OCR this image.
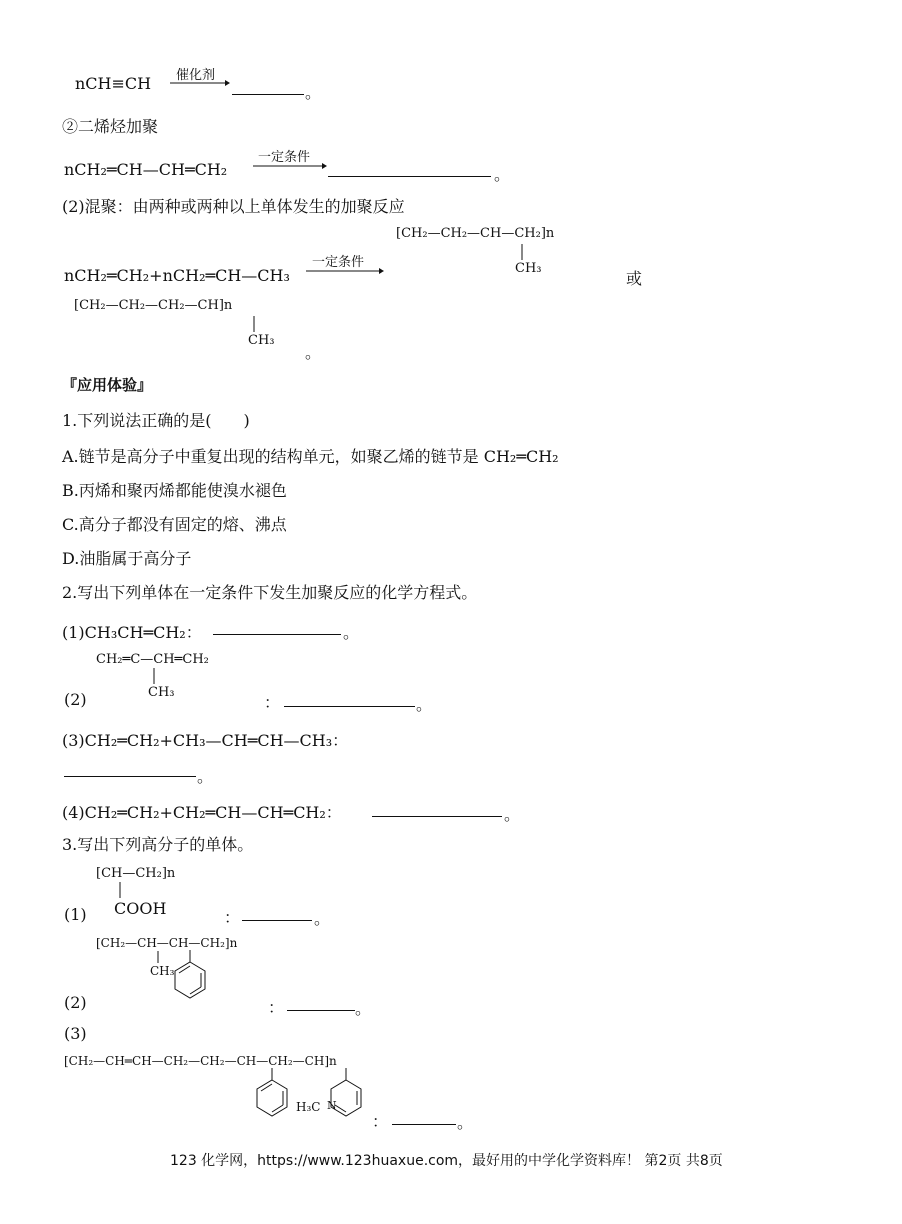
nCH≡CH 催化剂
。
②二烯烃加聚
nCH₂═CH—CH═CH₂
一定条件
。
(2)混聚：由两种或两种以上单体发生的加聚反应
[CH₂—CH₂—CH—CH₂]n
CH₃
nCH₂═CH₂+nCH₂═CH—CH₃
一定条件
或
[CH₂—CH₂—CH₂—CH]n
CH₃
。
『应用体验』
1.下列说法正确的是(　　)
A.链节是高分子中重复出现的结构单元，如聚乙烯的链节是 CH₂═CH₂
B.丙烯和聚丙烯都能使溴水褪色
C.高分子都没有固定的熔、沸点
D.油脂属于高分子
2.写出下列单体在一定条件下发生加聚反应的化学方程式。
(1)CH₃CH═CH₂：	。
CH₂═C—CH═CH₂
CH₃
(2)	：	。
(3)CH₂═CH₂+CH₃—CH═CH—CH₃：
。
(4)CH₂═CH₂+CH₂═CH—CH═CH₂：	。
3.写出下列高分子的单体。
[CH—CH₂]n
COOH
(1)	：	。
[CH₂—CH—CH—CH₂]n
CH₃
(2)	：	。
(3)
[CH₂—CH═CH—CH₂—CH₂—CH—CH₂—CH]n
N
H₃C
：	。
123 化学网，https://www.123huaxue.com，最好用的中学化学资料库！ 第2页 共8页
